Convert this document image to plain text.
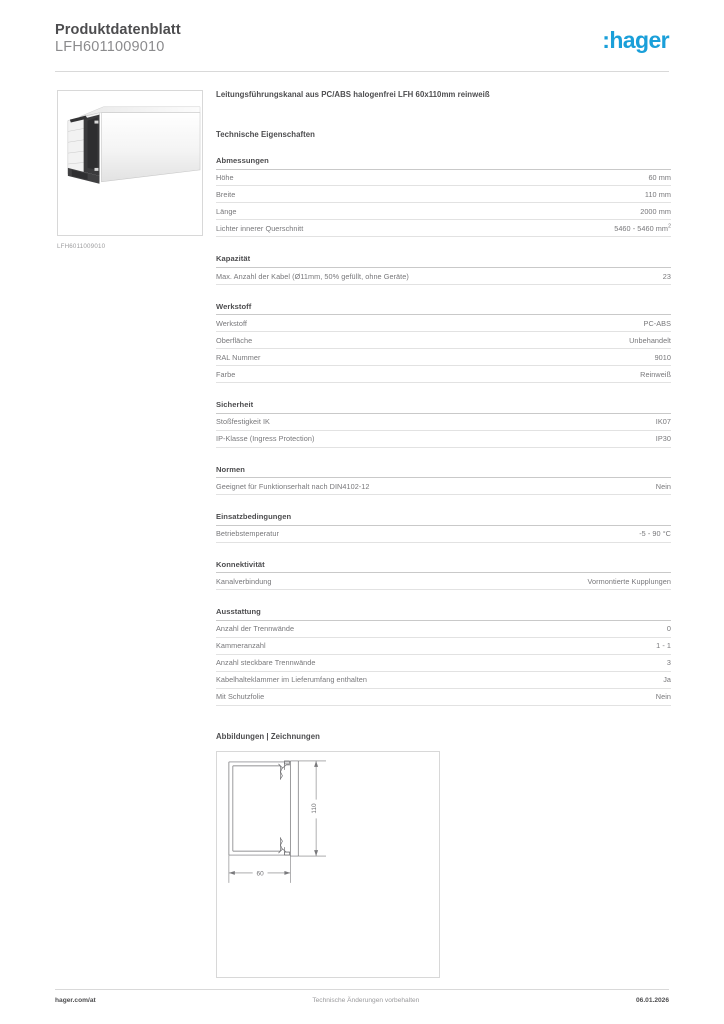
Produktdatenblatt
LFH6011009010	:hager
LFH6011009010
Leitungsführungskanal aus PC/ABS halogenfrei LFH 60x110mm reinweiß
Technische Eigenschaften
Abmessungen
Höhe	60 mm
Breite	110 mm
Länge	2000 mm
Lichter innerer Querschnitt	5460 - 5460 $mm^2$
Kapazität
Max. Anzahl der Kabel (Ø11mm, 50% gefüllt, ohne Geräte)	23
Werkstoff
Werkstoff	PC-ABS
Oberfläche	Unbehandelt
RAL Nummer	9010
Farbe	Reinweiß
Sicherheit
Stoßfestigkeit IK	IK07
IP-Klasse (Ingress Protection)	IP30
Normen
Geeignet für Funktionserhalt nach DIN4102-12	Nein
Einsatzbedingungen
Betriebstemperatur	-5 - 90 °C
Konnektivität
Kanalverbindung	Vormontierte Kupplungen
Ausstattung
Anzahl der Trennwände	0
Kammeranzahl	1 - 1
Anzahl steckbare Trennwände	3
Kabelhalteklammer im Lieferumfang enthalten	Ja
Mit Schutzfolie	Nein
Abbildungen | Zeichnungen
110
60
hager.com/at	Technische Änderungen vorbehalten	06.01.2026
